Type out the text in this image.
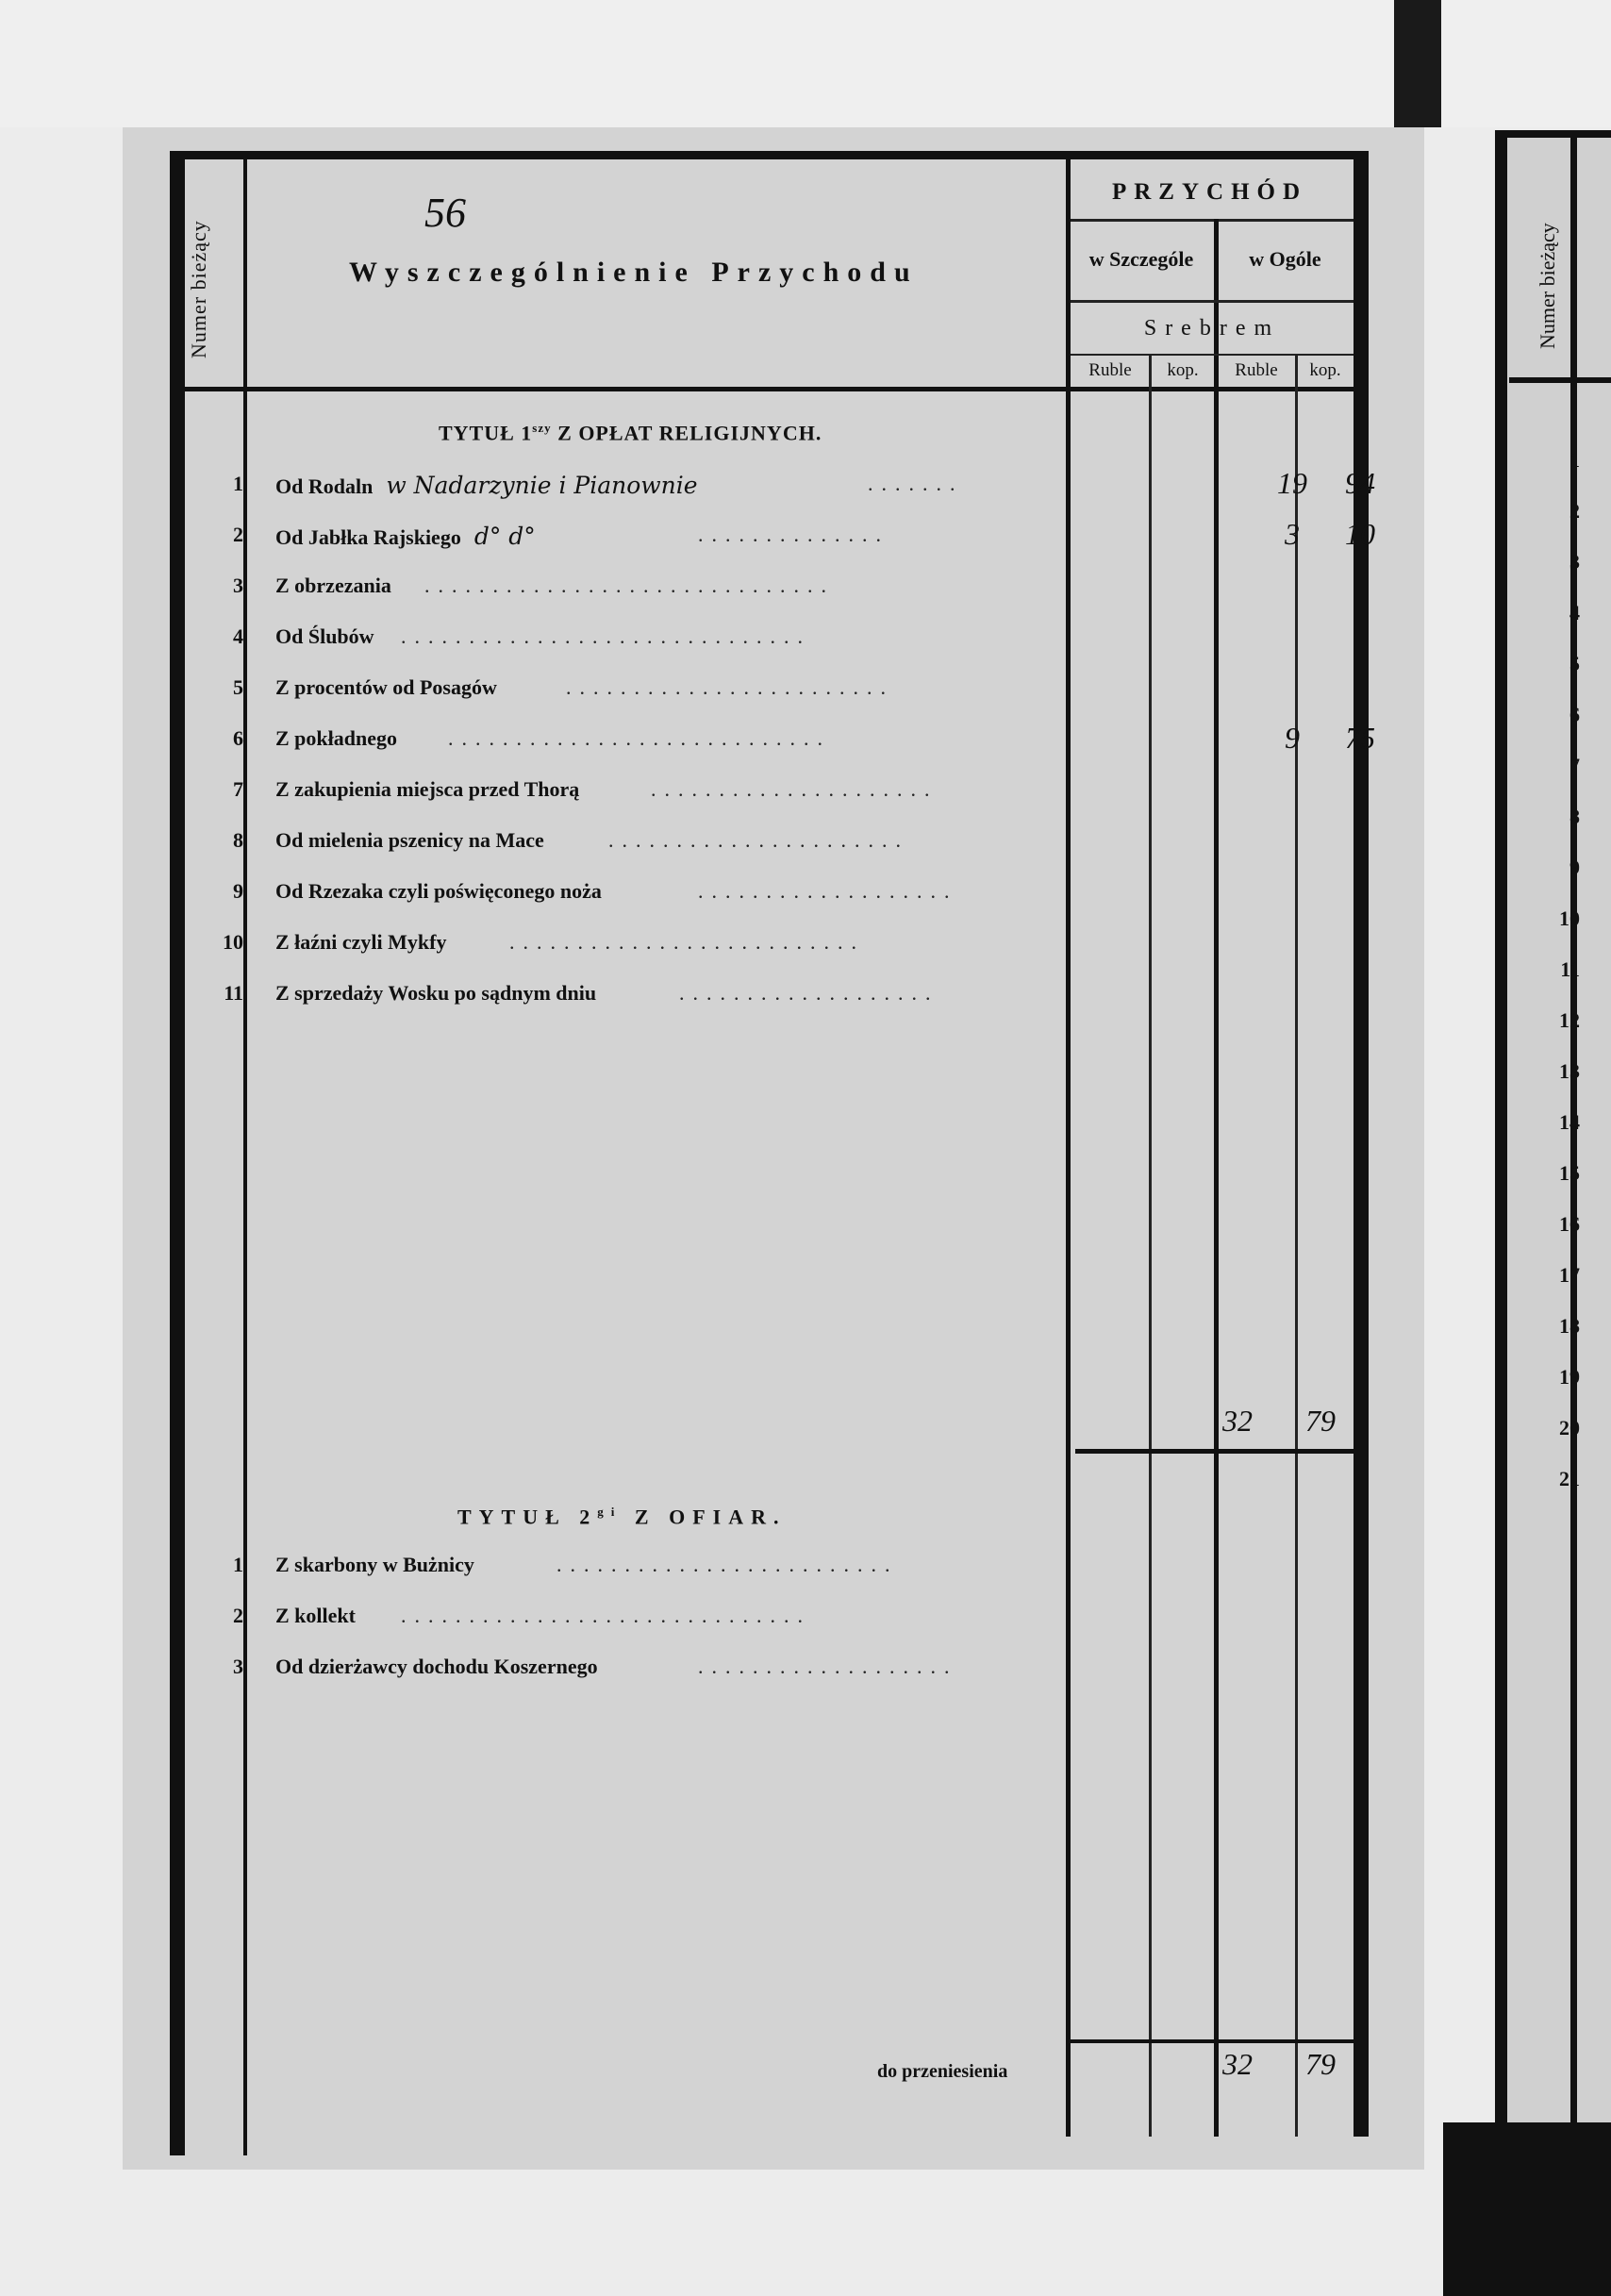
Numer bieżący
56
Wyszczególnienie Przychodu
PRZYCHÓD
w Szczególe	w Ogóle
Srebrem
Ruble	kop.	Ruble	kop.
TYTUŁ $1^{szy}$ Z OPŁAT RELIGIJNYCH.
1 Od Rodaln w Nadarzynie i Pianownie	.......	19	94
2 Od Jabłka Rajskiego d° d°	..............	3	10
3 Z obrzezania ..............................
4 Od Ślubów ..............................
5 Z procentów od Posagów	........................
6 Z pokładnego ............................	9	75
7 Z zakupienia miejsca przed Thorą	.....................
8 Od mielenia pszenicy na Mace	......................
9 Od Rzezaka czyli poświęconego noża	...................
10 Z łaźni czyli Mykfy	..........................
11 Z sprzedaży Wosku po sądnym dniu	...................
32 79
TYTUŁ $2^{gi}$ Z OFIAR.
1 Z skarbony w Bużnicy	.........................
2 Z kollekt ..............................
3 Od dzierżawcy dochodu Koszernego	...................
do przeniesienia	32 79
Numer bieżący
1
2
3
4
5
6
7
8
9
10
11
12
13
14
15
16
17
18
19
20
21
